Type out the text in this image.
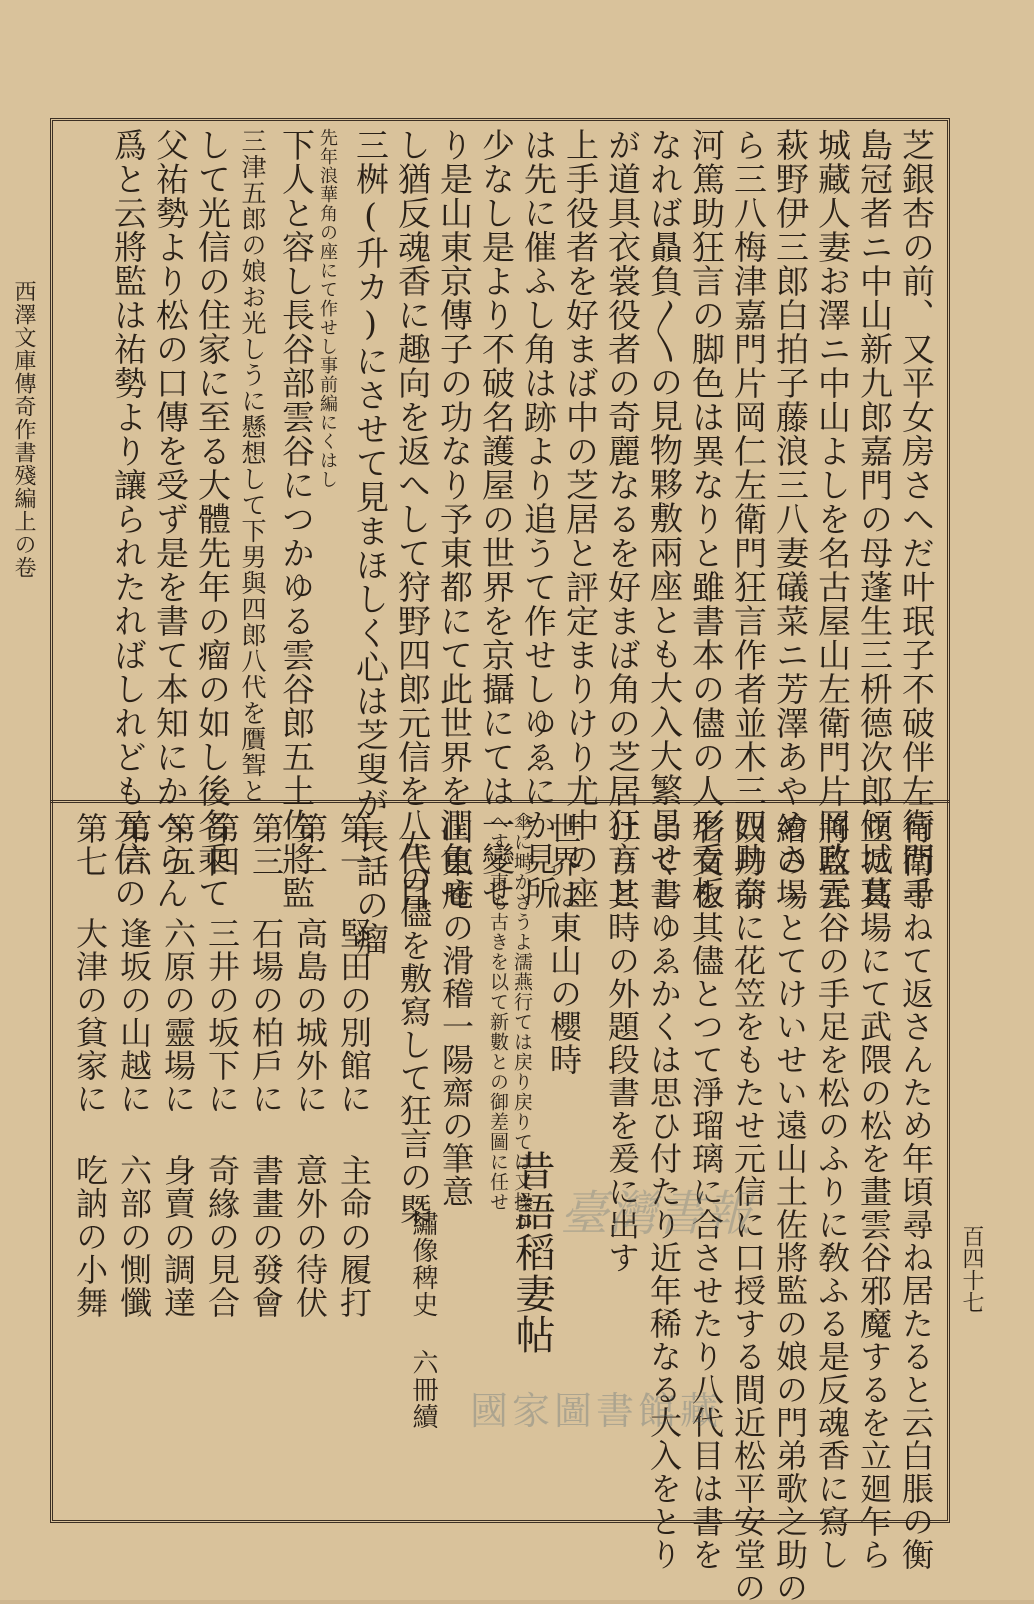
西澤文庫傳奇作書殘編上の卷
百四十七
芝銀杏の前、又平女房さへだ叶珉子不破伴左衛門千
島冠者ニ中山新九郎嘉門の母蓬生三枡德次郎傾城葛
城藏人妻お澤ニ中山よしを名古屋山左衛門片岡政元
萩野伊三郎白拍子藤浪三八妻礒菜ニ芳澤あやめさゝ
ら三八梅津嘉門片岡仁左衛門狂言作者並木三四助奈
河篤助狂言の脚色は異なりと雖書本の儘の人形看板
なれば贔負〳〵の見物夥敷兩座とも大入大繁昌せし
が道具衣裳役者の奇麗なるを好まば角の芝居狂言と
上手役者を好まば中の芝居と評定まりけり尤中の座
は先に催ふし角は跡より追うて作せしゆゑにか見所
少なし是より不破名護屋の世界を京攝にては一變せ
り是山東京傳子の功なり予東都にて此世界を潤色せ
し猶反魂香に趣向を返へして狩野四郎元信を八代目
三桝(升カ)にさせて見まほしく心は芝叟が長話の瘤
先年浪華角の座にて作せし事前編にくはし
下人と容し長谷部雲谷につかゆる雲谷郎五土佐將監
三津五郎の娘お光しうに懸想して下男與四郎八代を贋聟と
して光信の住家に至る大體先年の瘤の如し後名乘て
父祐勢より松の口傳を受ず是を書て本知にかへらん
爲と云將監は祐勢より讓られたればしれども元信の
行衛尋ねて返さんため年頃尋ね居たると云白脹の衡
立に其場にて武隈の松を畫雲谷邪魔するを立廻乍ら
將監雲谷の手足を松のふりに敎ふる是反魂香に寫し
繪の場とてけいせい遠山土佐將監の娘の門弟歌之助の
奴丹前に花笠をもたせ元信に口授する間近松平安堂の
名文を其儘とつて淨瑠璃に合させたり八代目は書を
よく書ゆゑかくは思ひ付たり近年稀なる大入をとり
けり其時の外題段書を爰に出す
世界は東山の櫻時
昔語稻妻帖
傘に塒かさうよ濡燕行ては戻り戻りては又操か
へす不束も古きを以て新數との御差圖に任せ
山東庵の滑稽一陽齋の筆意
左の儘を敷寫して狂言の槩
繡像稗史 六冊續
第一 堅田の別館に 主命の履打
第二 高島の城外に 意外の待伏
第三 石場の柏戶に 書畫の發會
第四 三井の坂下に 奇緣の見合
第五 六原の靈場に 身賣の調達
第六 逢坂の山越に 六部の惻懺
第七 大津の貧家に 吃訥の小舞	臺灣書報
國家圖書館藏
